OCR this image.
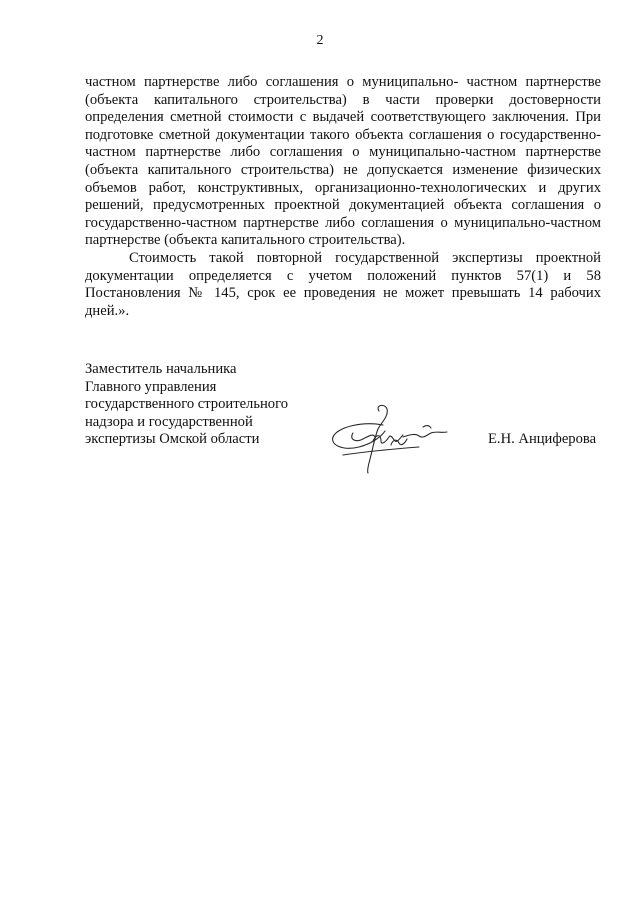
2

частном партнерстве либо соглашения о муниципально- частном партнерстве (объекта капитального строительства) в части проверки достоверности определения сметной стоимости с выдачей соответствующего заключения. При подготовке сметной документации такого объекта соглашения о государственно-частном партнерстве либо соглашения о муниципально-частном партнерстве (объекта капитального строительства) не допускается изменение физических объемов работ, конструктивных, организационно-технологических и других решений, предусмотренных проектной документацией объекта соглашения о государственно-частном партнерстве либо соглашения о муниципально-частном партнерстве (объекта капитального строительства).

Стоимость такой повторной государственной экспертизы проектной документации определяется с учетом положений пунктов 57(1) и 58 Постановления № 145, срок ее проведения не может превышать 14 рабочих дней.».

Заместитель начальника
Главного управления
государственного строительного
надзора и государственной
экспертизы Омской области	Е.Н. Анциферова
